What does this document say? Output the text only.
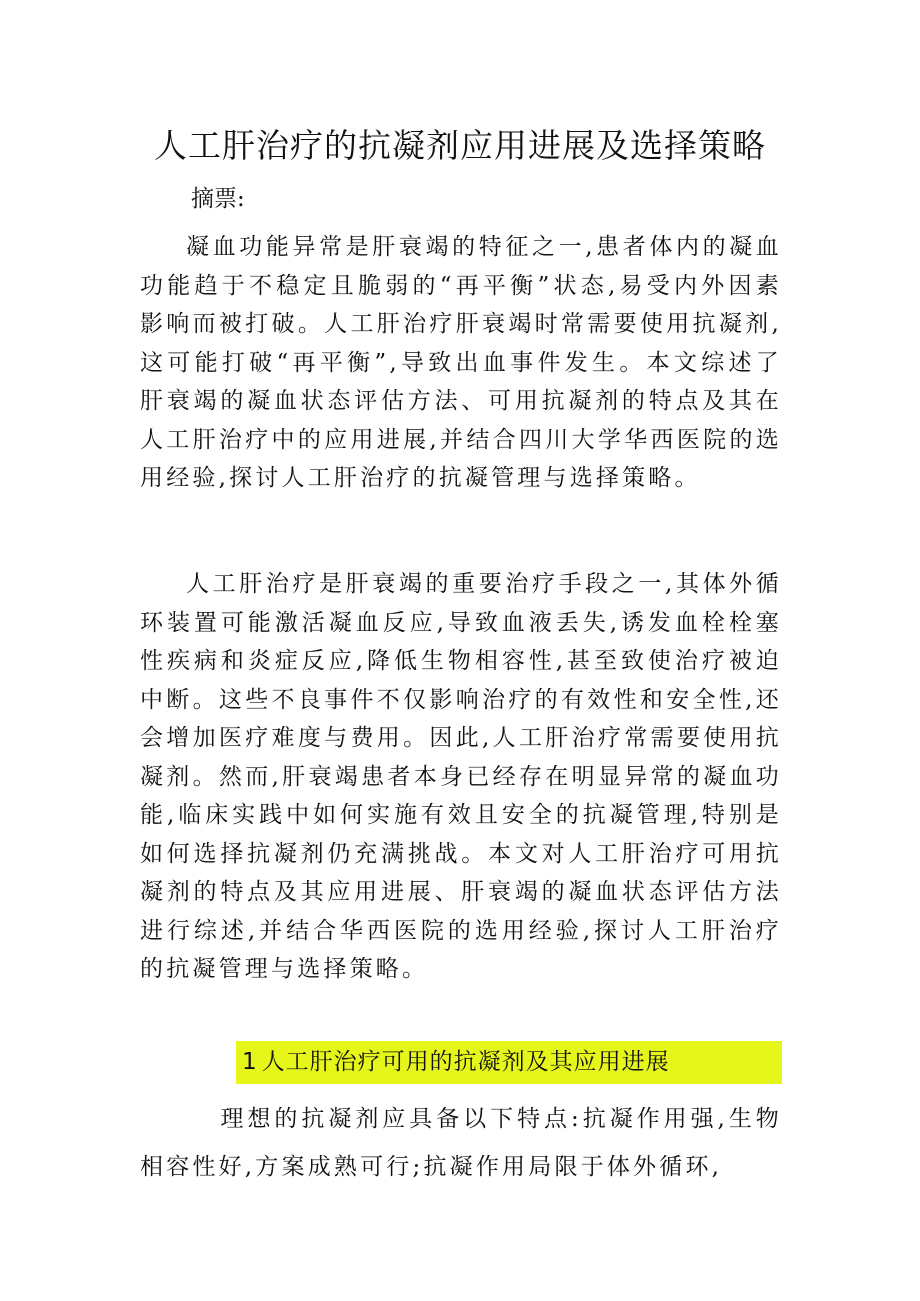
人工肝治疗的抗凝剂应用进展及选择策略
摘票:

凝血功能异常是肝衰竭的特征之一,患者体内的凝血功能趋于不稳定且脆弱的“再平衡”状态,易受内外因素影响而被打破。人工肝治疗肝衰竭时常需要使用抗凝剂,这可能打破“再平衡”,导致出血事件发生。本文综述了肝衰竭的凝血状态评估方法、可用抗凝剂的特点及其在人工肝治疗中的应用进展,并结合四川大学华西医院的选用经验,探讨人工肝治疗的抗凝管理与选择策略。

人工肝治疗是肝衰竭的重要治疗手段之一,其体外循环装置可能激活凝血反应,导致血液丢失,诱发血栓栓塞性疾病和炎症反应,降低生物相容性,甚至致使治疗被迫中断。这些不良事件不仅影响治疗的有效性和安全性,还会增加医疗难度与费用。因此,人工肝治疗常需要使用抗凝剂。然而,肝衰竭患者本身已经存在明显异常的凝血功能,临床实践中如何实施有效且安全的抗凝管理,特别是如何选择抗凝剂仍充满挑战。本文对人工肝治疗可用抗凝剂的特点及其应用进展、肝衰竭的凝血状态评估方法进行综述,并结合华西医院的选用经验,探讨人工肝治疗的抗凝管理与选择策略。

1 人工肝治疗可用的抗凝剂及其应用进展

理想的抗凝剂应具备以下特点:抗凝作用强,生物相容性好,方案成熟可行;抗凝作用局限于体外循环,
